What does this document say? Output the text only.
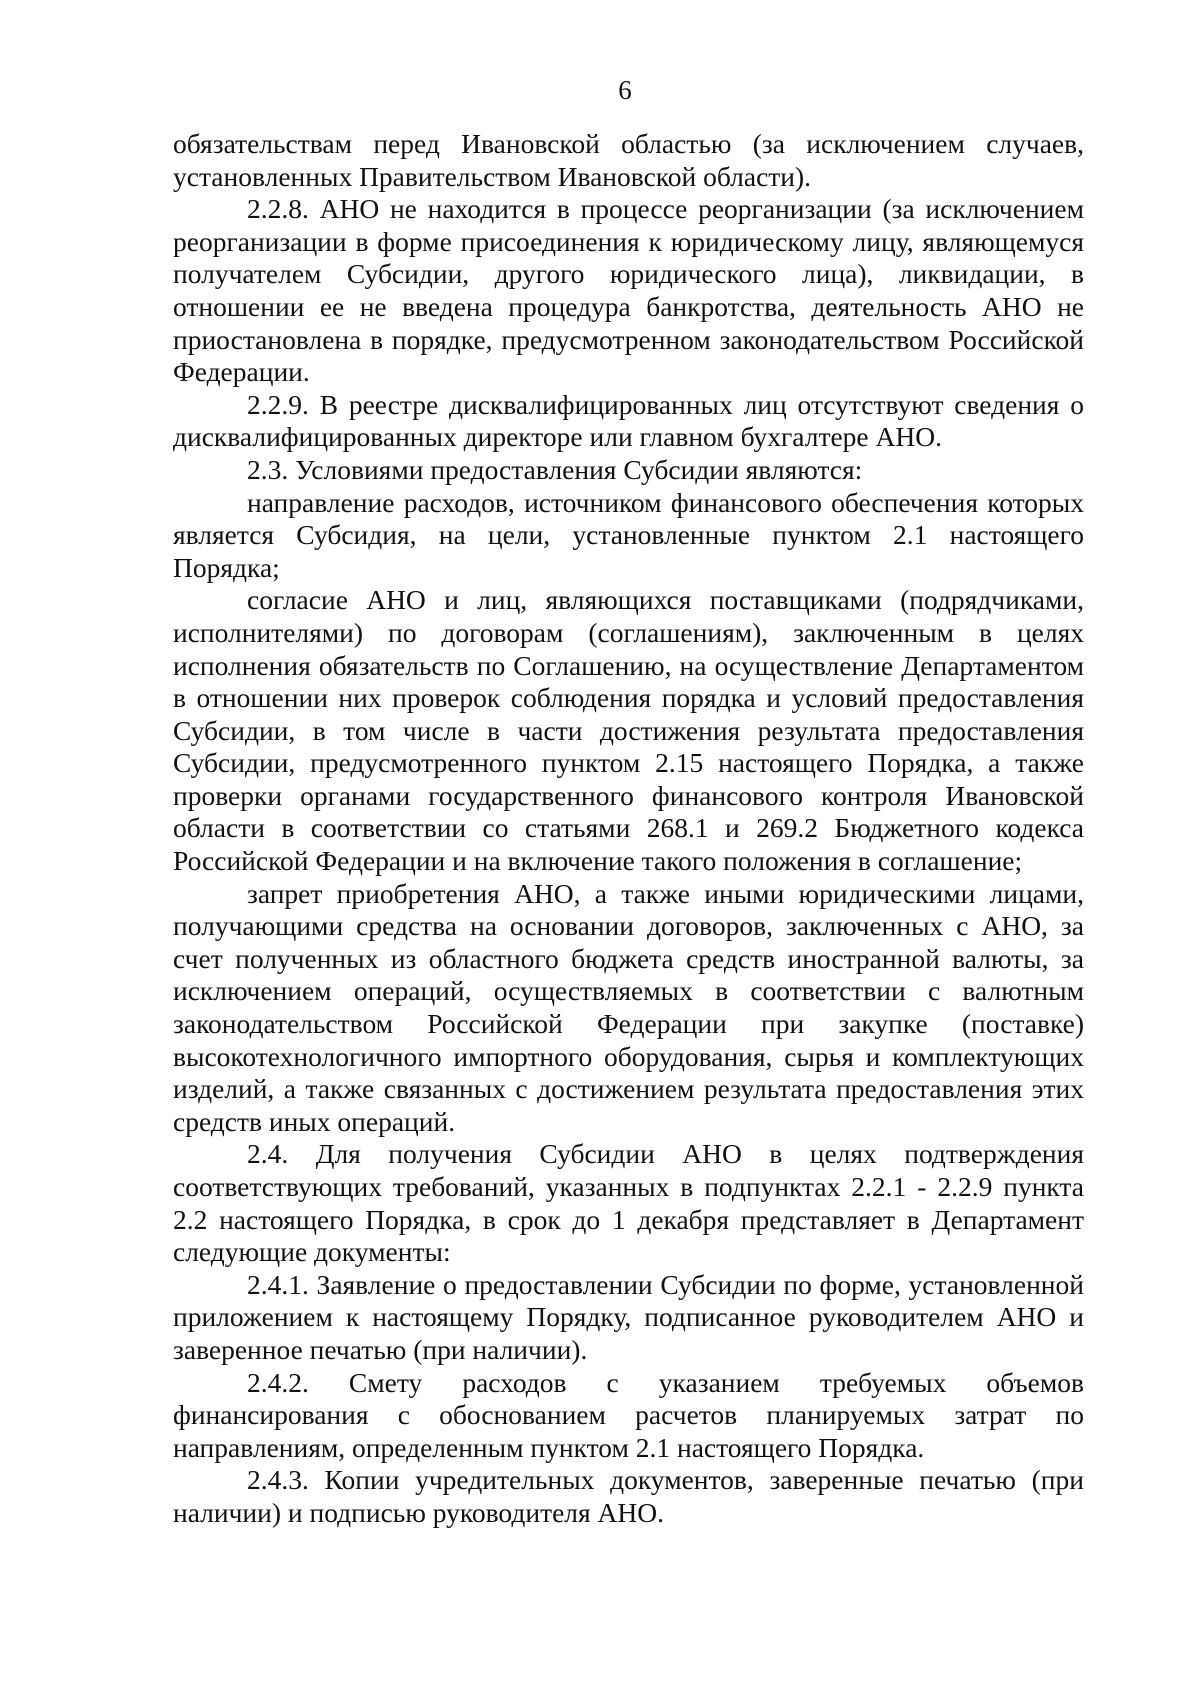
6

обязательствам перед Ивановской областью (за исключением случаев, установленных Правительством Ивановской области).

2.2.8. АНО не находится в процессе реорганизации (за исключением реорганизации в форме присоединения к юридическому лицу, являющемуся получателем Субсидии, другого юридического лица), ликвидации, в отношении ее не введена процедура банкротства, деятельность АНО не приостановлена в порядке, предусмотренном законодательством Российской Федерации.

2.2.9. В реестре дисквалифицированных лиц отсутствуют сведения о дисквалифицированных директоре или главном бухгалтере АНО.

2.3. Условиями предоставления Субсидии являются:

направление расходов, источником финансового обеспечения которых является Субсидия, на цели, установленные пунктом 2.1 настоящего Порядка;

согласие АНО и лиц, являющихся поставщиками (подрядчиками, исполнителями) по договорам (соглашениям), заключенным в целях исполнения обязательств по Соглашению, на осуществление Департаментом в отношении них проверок соблюдения порядка и условий предоставления Субсидии, в том числе в части достижения результата предоставления Субсидии, предусмотренного пунктом 2.15 настоящего Порядка, а также проверки органами государственного финансового контроля Ивановской области в соответствии со статьями 268.1 и 269.2 Бюджетного кодекса Российской Федерации и на включение такого положения в соглашение;

запрет приобретения АНО, а также иными юридическими лицами, получающими средства на основании договоров, заключенных с АНО, за счет полученных из областного бюджета средств иностранной валюты, за исключением операций, осуществляемых в соответствии с валютным законодательством Российской Федерации при закупке (поставке) высокотехнологичного импортного оборудования, сырья и комплектующих изделий, а также связанных с достижением результата предоставления этих средств иных операций.

2.4. Для получения Субсидии АНО в целях подтверждения соответствующих требований, указанных в подпунктах 2.2.1 - 2.2.9 пункта 2.2 настоящего Порядка, в срок до 1 декабря представляет в Департамент следующие документы:

2.4.1. Заявление о предоставлении Субсидии по форме, установленной приложением к настоящему Порядку, подписанное руководителем АНО и заверенное печатью (при наличии).

2.4.2. Смету расходов с указанием требуемых объемов финансирования с обоснованием расчетов планируемых затрат по направлениям, определенным пунктом 2.1 настоящего Порядка.

2.4.3. Копии учредительных документов, заверенные печатью (при наличии) и подписью руководителя АНО.
